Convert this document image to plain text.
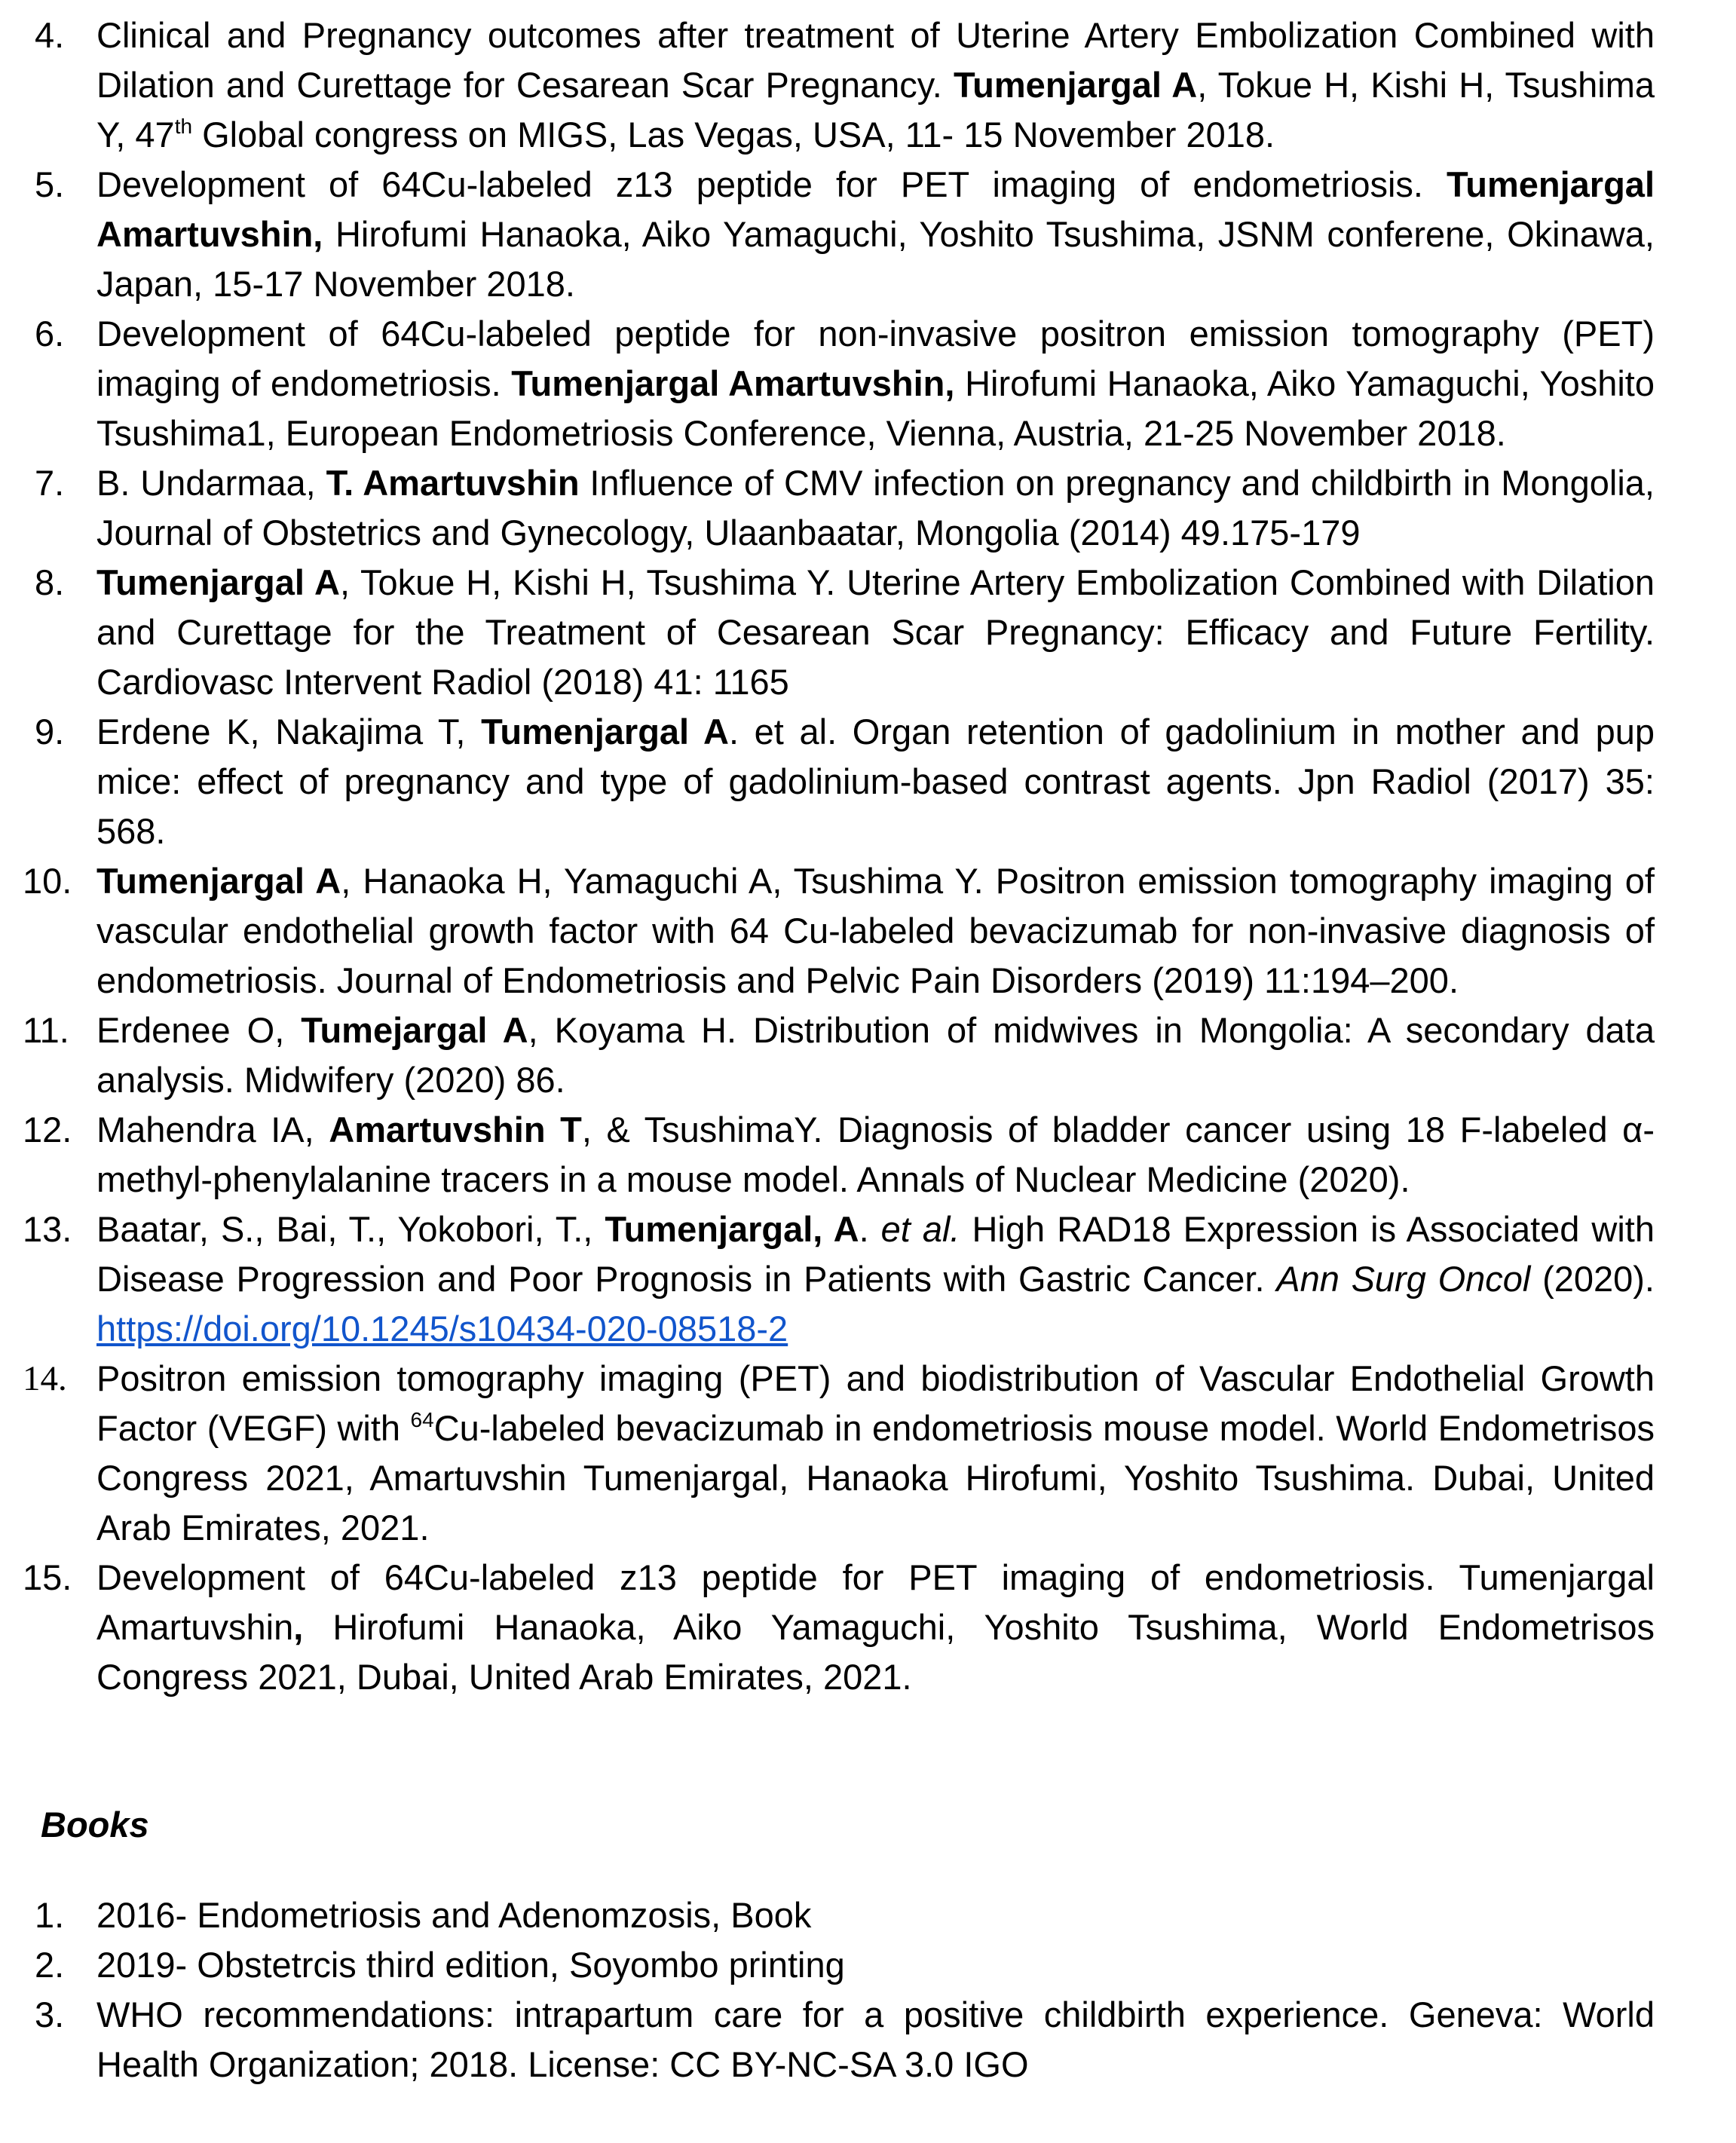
4. Clinical and Pregnancy outcomes after treatment of Uterine Artery Embolization Combined with Dilation and Curettage for Cesarean Scar Pregnancy. Tumenjargal A, Tokue H, Kishi H, Tsushima Y, 47th Global congress on MIGS, Las Vegas, USA, 11- 15 November 2018.
5. Development of 64Cu-labeled z13 peptide for PET imaging of endometriosis. Tumenjargal Amartuvshin, Hirofumi Hanaoka, Aiko Yamaguchi, Yoshito Tsushima, JSNM conferene, Okinawa, Japan, 15-17 November 2018.
6. Development of 64Cu-labeled peptide for non-invasive positron emission tomography (PET) imaging of endometriosis. Tumenjargal Amartuvshin, Hirofumi Hanaoka, Aiko Yamaguchi, Yoshito Tsushima1, European Endometriosis Conference, Vienna, Austria, 21-25 November 2018.
7. B. Undarmaa, T. Amartuvshin Influence of CMV infection on pregnancy and childbirth in Mongolia, Journal of Obstetrics and Gynecology, Ulaanbaatar, Mongolia (2014) 49.175-179
8. Tumenjargal A, Tokue H, Kishi H, Tsushima Y. Uterine Artery Embolization Combined with Dilation and Curettage for the Treatment of Cesarean Scar Pregnancy: Efficacy and Future Fertility. Cardiovasc Intervent Radiol (2018) 41: 1165
9. Erdene K, Nakajima T, Tumenjargal A. et al. Organ retention of gadolinium in mother and pup mice: effect of pregnancy and type of gadolinium-based contrast agents. Jpn Radiol (2017) 35: 568.
10. Tumenjargal A, Hanaoka H, Yamaguchi A, Tsushima Y. Positron emission tomography imaging of vascular endothelial growth factor with 64 Cu-labeled bevacizumab for non-invasive diagnosis of endometriosis. Journal of Endometriosis and Pelvic Pain Disorders (2019) 11:194–200.
11. Erdenee O, Tumejargal A, Koyama H. Distribution of midwives in Mongolia: A secondary data analysis. Midwifery (2020) 86.
12. Mahendra IA, Amartuvshin T, & TsushimaY. Diagnosis of bladder cancer using 18 F-labeled α-methyl-phenylalanine tracers in a mouse model. Annals of Nuclear Medicine (2020).
13. Baatar, S., Bai, T., Yokobori, T., Tumenjargal, A. et al. High RAD18 Expression is Associated with Disease Progression and Poor Prognosis in Patients with Gastric Cancer. Ann Surg Oncol (2020). https://doi.org/10.1245/s10434-020-08518-2
14. Positron emission tomography imaging (PET) and biodistribution of Vascular Endothelial Growth Factor (VEGF) with $^{64}$Cu-labeled bevacizumab in endometriosis mouse model. World Endometrisos Congress 2021, Amartuvshin Tumenjargal, Hanaoka Hirofumi, Yoshito Tsushima. Dubai, United Arab Emirates, 2021.
15. Development of 64Cu-labeled z13 peptide for PET imaging of endometriosis. Tumenjargal Amartuvshin, Hirofumi Hanaoka, Aiko Yamaguchi, Yoshito Tsushima, World Endometrisos Congress 2021, Dubai, United Arab Emirates, 2021.
Books
1. 2016- Endometriosis and Adenomzosis, Book
2. 2019- Obstetrcis third edition, Soyombo printing
3. WHO recommendations: intrapartum care for a positive childbirth experience. Geneva: World Health Organization; 2018. License: CC BY-NC-SA 3.0 IGO
